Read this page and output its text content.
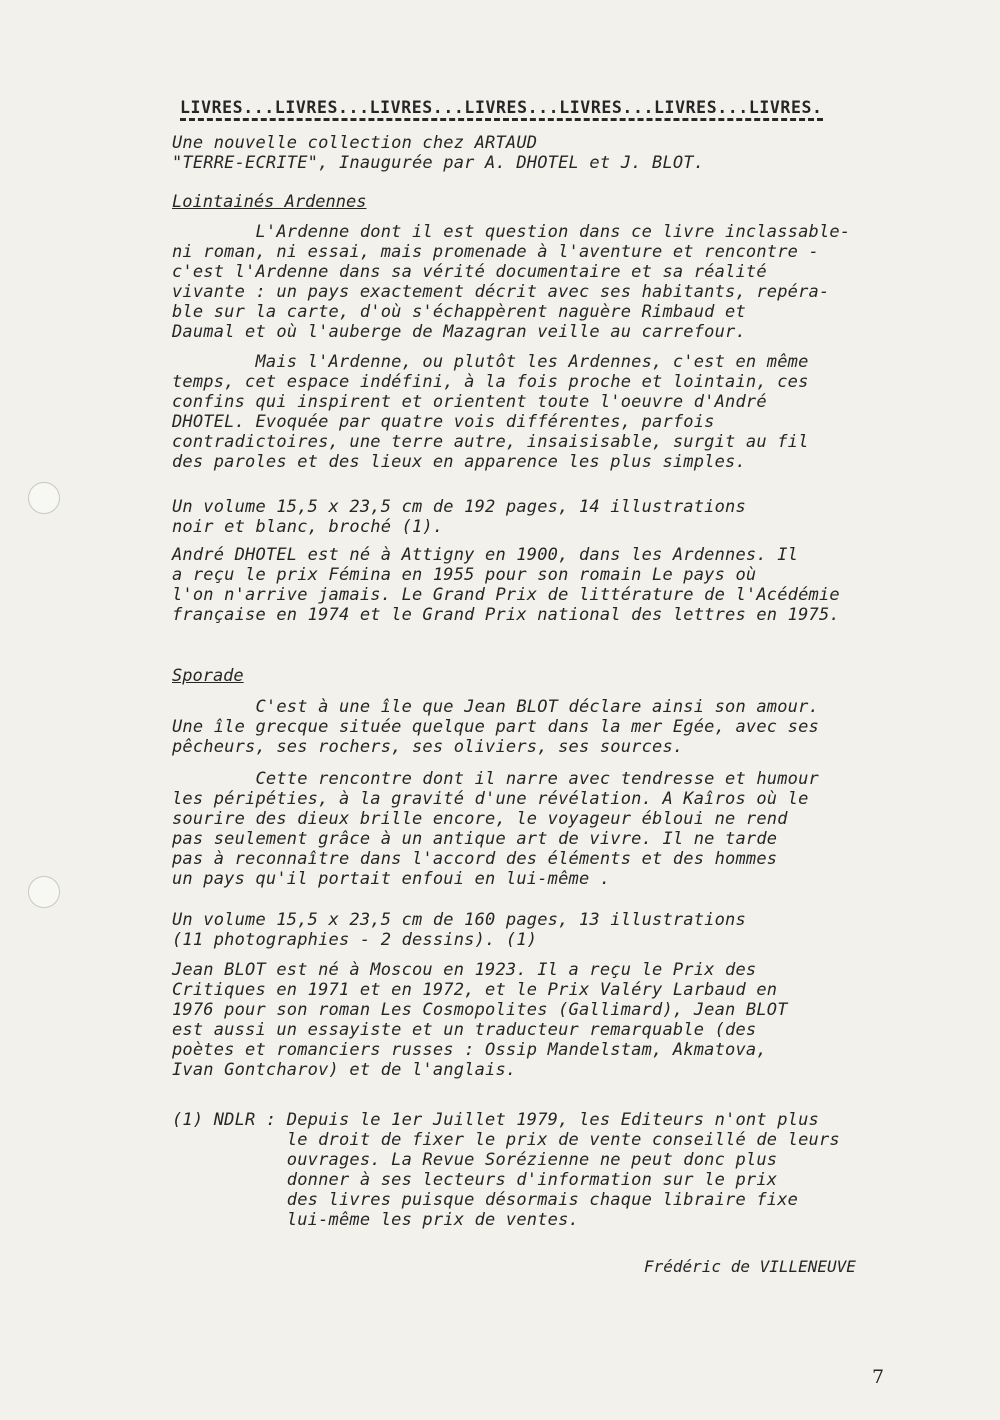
LIVRES...LIVRES...LIVRES...LIVRES...LIVRES...LIVRES...LIVRES.

Une nouvelle collection chez ARTAUD

"TERRE-ECRITE", Inaugurée par A. DHOTEL et J. BLOT.

Lointainés Ardennes

L'Ardenne dont il est question dans ce livre inclassable-
ni roman, ni essai, mais promenade à l'aventure et rencontre -
c'est l'Ardenne dans sa vérité documentaire et sa réalité
vivante : un pays exactement décrit avec ses habitants, repéra-
ble sur la carte, d'où s'échappèrent naguère Rimbaud et
Daumal et où l'auberge de Mazagran veille au carrefour.

Mais l'Ardenne, ou plutôt les Ardennes, c'est en même
temps, cet espace indéfini, à la fois proche et lointain, ces
confins qui inspirent et orientent toute l'oeuvre d'André
DHOTEL. Evoquée par quatre vois différentes, parfois
contradictoires, une terre autre, insaisisable, surgit au fil
des paroles et des lieux en apparence les plus simples.

Un volume 15,5 x 23,5 cm de 192 pages, 14 illustrations
noir et blanc, broché (1).

André DHOTEL est né à Attigny en 1900, dans les Ardennes. Il
a reçu le prix Fémina en 1955 pour son romain Le pays où
l'on n'arrive jamais. Le Grand Prix de littérature de l'Acédémie
française en 1974 et le Grand Prix national des lettres en 1975.

Sporade

C'est à une île que Jean BLOT déclare ainsi son amour.
Une île grecque située quelque part dans la mer Egée, avec ses
pêcheurs, ses rochers, ses oliviers, ses sources.

Cette rencontre dont il narre avec tendresse et humour
les péripéties, à la gravité d'une révélation. A Kaîros où le
sourire des dieux brille encore, le voyageur ébloui ne rend
pas seulement grâce à un antique art de vivre. Il ne tarde
pas à reconnaître dans l'accord des éléments et des hommes
un pays qu'il portait enfoui en lui-même .

Un volume 15,5 x 23,5 cm de 160 pages, 13 illustrations
(11 photographies - 2 dessins). (1)

Jean BLOT est né à Moscou en 1923. Il a reçu le Prix des
Critiques en 1971 et en 1972, et le Prix Valéry Larbaud en
1976 pour son roman Les Cosmopolites (Gallimard), Jean BLOT
est aussi un essayiste et un traducteur remarquable (des
poètes et romanciers russes : Ossip Mandelstam, Akmatova,
Ivan Gontcharov) et de l'anglais.

(1) NDLR : Depuis le 1er Juillet 1979, les Editeurs n'ont plus
le droit de fixer le prix de vente conseillé de leurs
ouvrages. La Revue Sorézienne ne peut donc plus
donner à ses lecteurs d'information sur le prix
des livres puisque désormais chaque libraire fixe
lui-même les prix de ventes.

Frédéric de VILLENEUVE
7
